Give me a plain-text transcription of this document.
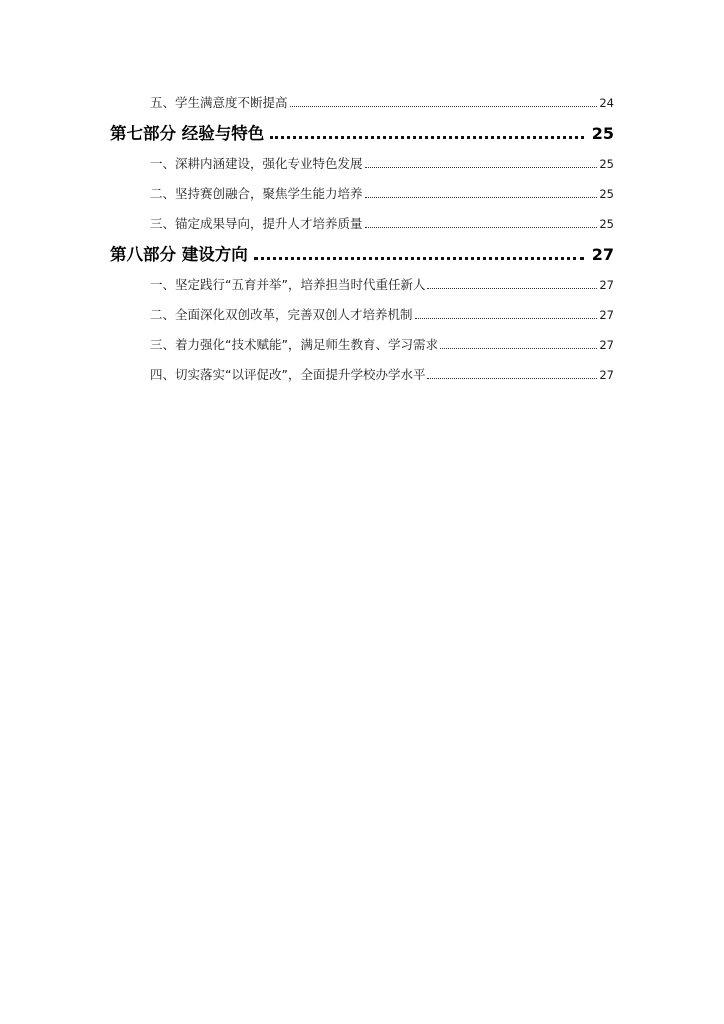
五、学生满意度不断提高	24
第七部分 经验与特色	25
一、深耕内涵建设，强化专业特色发展	25
二、坚持赛创融合，聚焦学生能力培养	25
三、锚定成果导向，提升人才培养质量	25
第八部分 建设方向	27
一、坚定践行“五育并举”，培养担当时代重任新人	27
二、全面深化双创改革，完善双创人才培养机制	27
三、着力强化“技术赋能”，满足师生教育、学习需求	27
四、切实落实“以评促改”，全面提升学校办学水平	27
